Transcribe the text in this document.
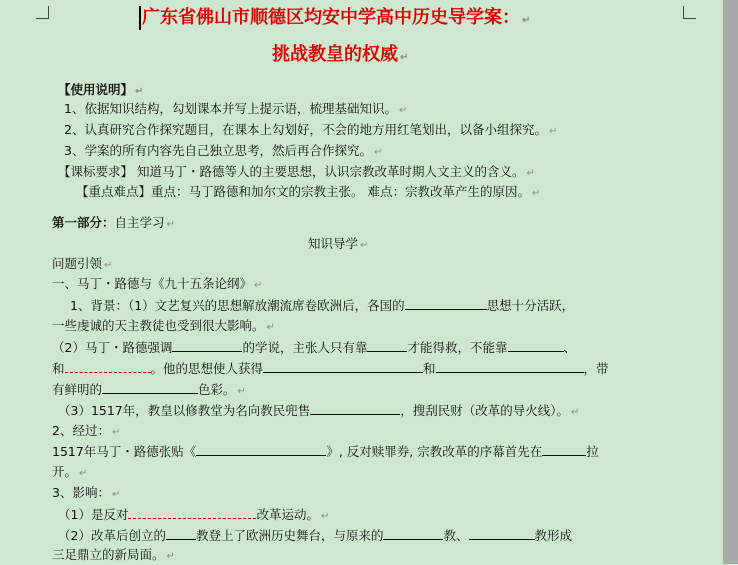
广东省佛山市顺德区均安中学高中历史导学案： ↵
挑战教皇的权威 ↵
【使用说明】 ↵
1、依据知识结构，勾划课本并写上提示语，梳理基础知识。 ↵
2、认真研究合作探究题目，在课本上勾划好，不会的地方用红笔划出，以备小组探究。 ↵
3、学案的所有内容先自己独立思考，然后再合作探究。 ↵
【课标要求】 知道马丁・路德等人的主要思想，认识宗教改革时期人文主义的含义。 ↵
【重点难点】重点：马丁路德和加尔文的宗教主张。 难点：宗教改革产生的原因。 ↵
第一部分：自主学习 ↵
知识导学 ↵
问题引领 ↵
一、马丁・路德与《九十五条论纲》 ↵
1、背景：（1）文艺复兴的思想解放潮流席卷欧洲后，各国的	思想十分活跃，
一些虔诚的天主教徒也受到很大影响。 ↵
（2）马丁・路德强调	的学说，主张人只有靠	才能得救，不能靠	、
和	。他的思想使人获得	和	，带
有鲜明的	色彩。 ↵
（3）1517年，教皇以修教堂为名向教民兜售	，搜刮民财（改革的导火线）。 ↵
2、经过： ↵
1517年马丁・路德张贴《	》, 反对赎罪券, 宗教改革的序幕首先在	拉
开。 ↵
3、影响： ↵
（1）是反对	改革运动。 ↵
（2）改革后创立的 教登上了欧洲历史舞台，与原来的	教、	教形成
三足鼎立的新局面。 ↵
